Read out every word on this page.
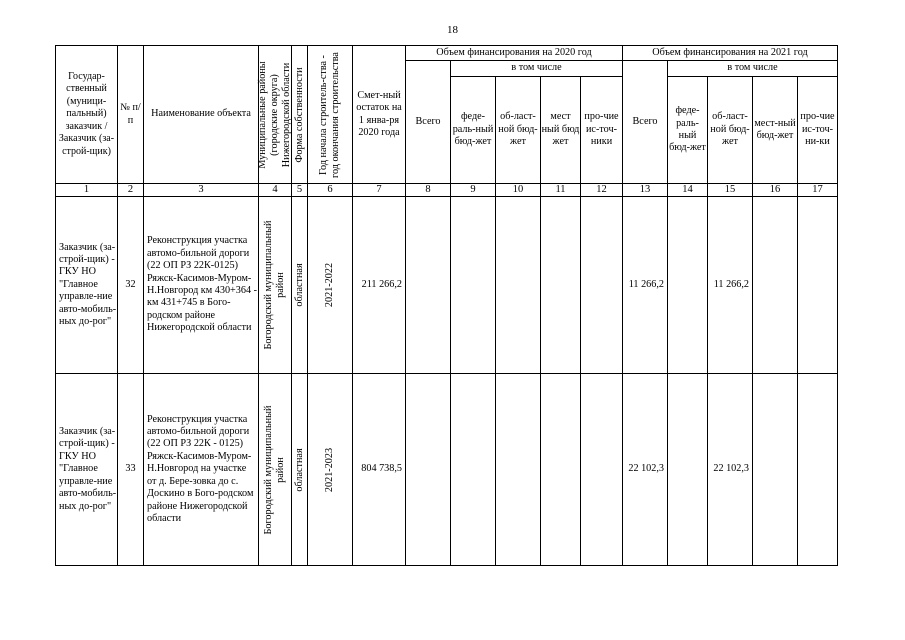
18
Государ-ственный (муници-пальный) заказчик /Заказчик (за-строй-щик)	№ п/п	Наименование объекта	Муниципальные районы (городские округа) Нижегородской области	Форма собственности	Год начала строитель-ства - год окончания строительства	Смет-ный остаток на 1 янва-ря 2020 года	Объем финансирования на 2020 год					Объем финансирования на 2021 год				
							Всего	в том числе				Всего	в том числе			
								феде-раль-ный бюд-жет	об-ласт-ной бюд-жет	мест ный бюд жет	про-чие ис-точ-ники		феде-раль-ный бюд-жет	об-ласт-ной бюд-жет	мест-ный бюд-жет	про-чие ис-точ-ни-ки
1	2	3	4	5	6	7	8	9	10	11	12	13	14	15	16	17
Заказчик (за-строй-щик) - ГКУ НО "Главное управле-ние авто-мобиль-ных до-рог"	32	Реконструкция участка автомо-бильной дороги (22 ОП РЗ 22К-0125) Ряжск-Касимов-Муром-Н.Новгород км 430+364 - км 431+745 в Бого-родском районе Нижегородской области	Богородский муниципальный район	областная	2021-2022	211 266,2						11 266,2		11 266,2		
Заказчик (за-строй-щик) - ГКУ НО "Главное управле-ние авто-мобиль-ных до-рог"	33	Реконструкция участка автомо-бильной дороги (22 ОП РЗ 22К - 0125) Ряжск-Касимов-Муром-Н.Новгород на участке от д. Бере-зовка до с. Доскино в Бого-родском районе Нижегородской области	Богородский муниципальный район	областная	2021-2023	804 738,5						22 102,3		22 102,3		
